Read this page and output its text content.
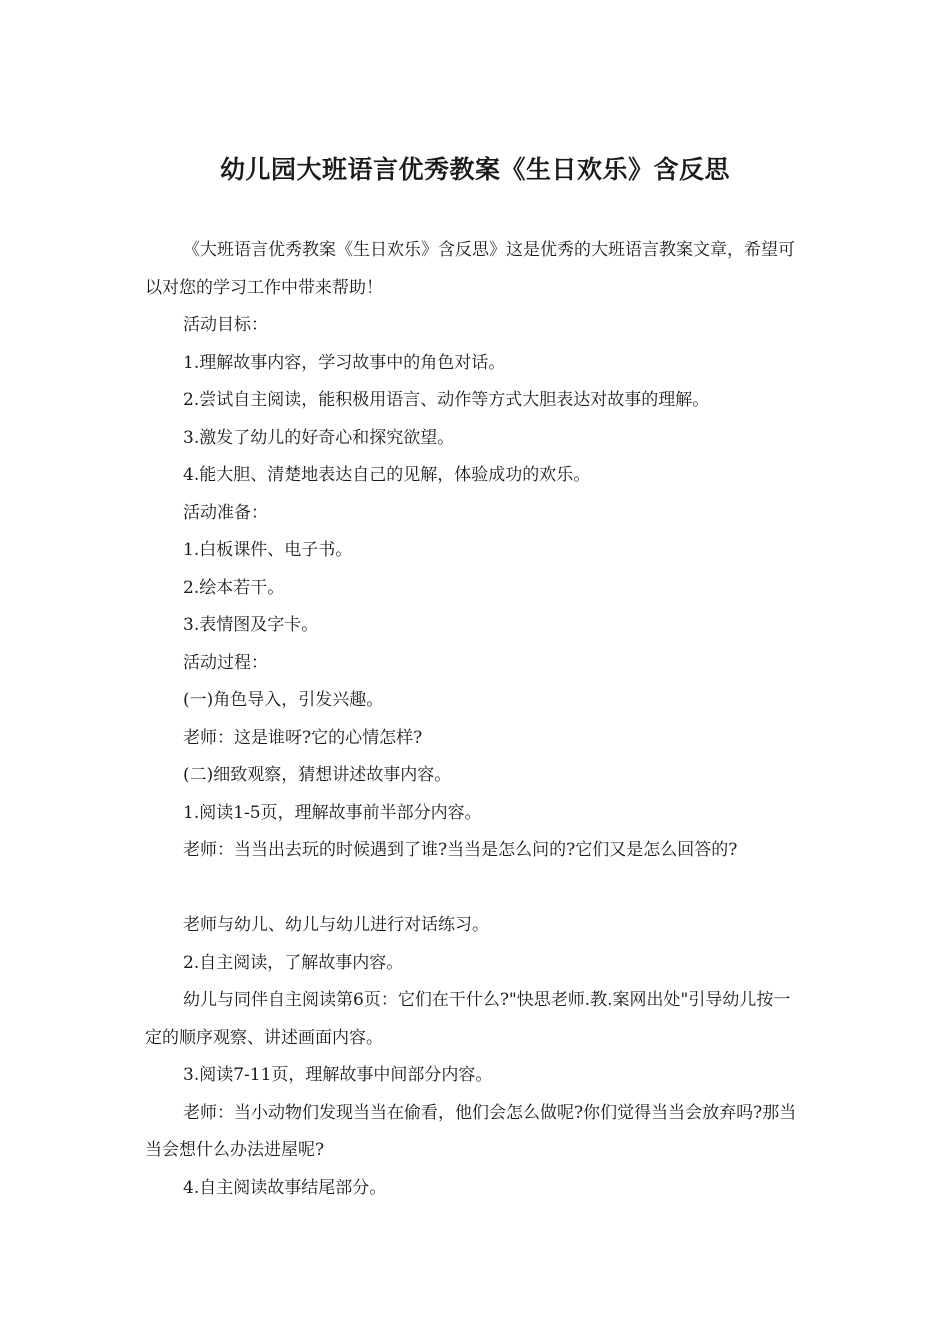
幼儿园大班语言优秀教案《生日欢乐》含反思

《大班语言优秀教案《生日欢乐》含反思》这是优秀的大班语言教案文章，希望可以对您的学习工作中带来帮助！

活动目标：

1.理解故事内容，学习故事中的角色对话。

2.尝试自主阅读，能积极用语言、动作等方式大胆表达对故事的理解。

3.激发了幼儿的好奇心和探究欲望。

4.能大胆、清楚地表达自己的见解，体验成功的欢乐。

活动准备：

1.白板课件、电子书。

2.绘本若干。

3.表情图及字卡。

活动过程：

(一)角色导入，引发兴趣。

老师：这是谁呀?它的心情怎样?

(二)细致观察，猜想讲述故事内容。

1.阅读1-5页，理解故事前半部分内容。

老师：当当出去玩的时候遇到了谁?当当是怎么问的?它们又是怎么回答的?

老师与幼儿、幼儿与幼儿进行对话练习。

2.自主阅读，了解故事内容。

幼儿与同伴自主阅读第6页：它们在干什么?"快思老师.教.案网出处"引导幼儿按一定的顺序观察、讲述画面内容。

3.阅读7-11页，理解故事中间部分内容。

老师：当小动物们发现当当在偷看，他们会怎么做呢?你们觉得当当会放弃吗?那当当会想什么办法进屋呢?

4.自主阅读故事结尾部分。
